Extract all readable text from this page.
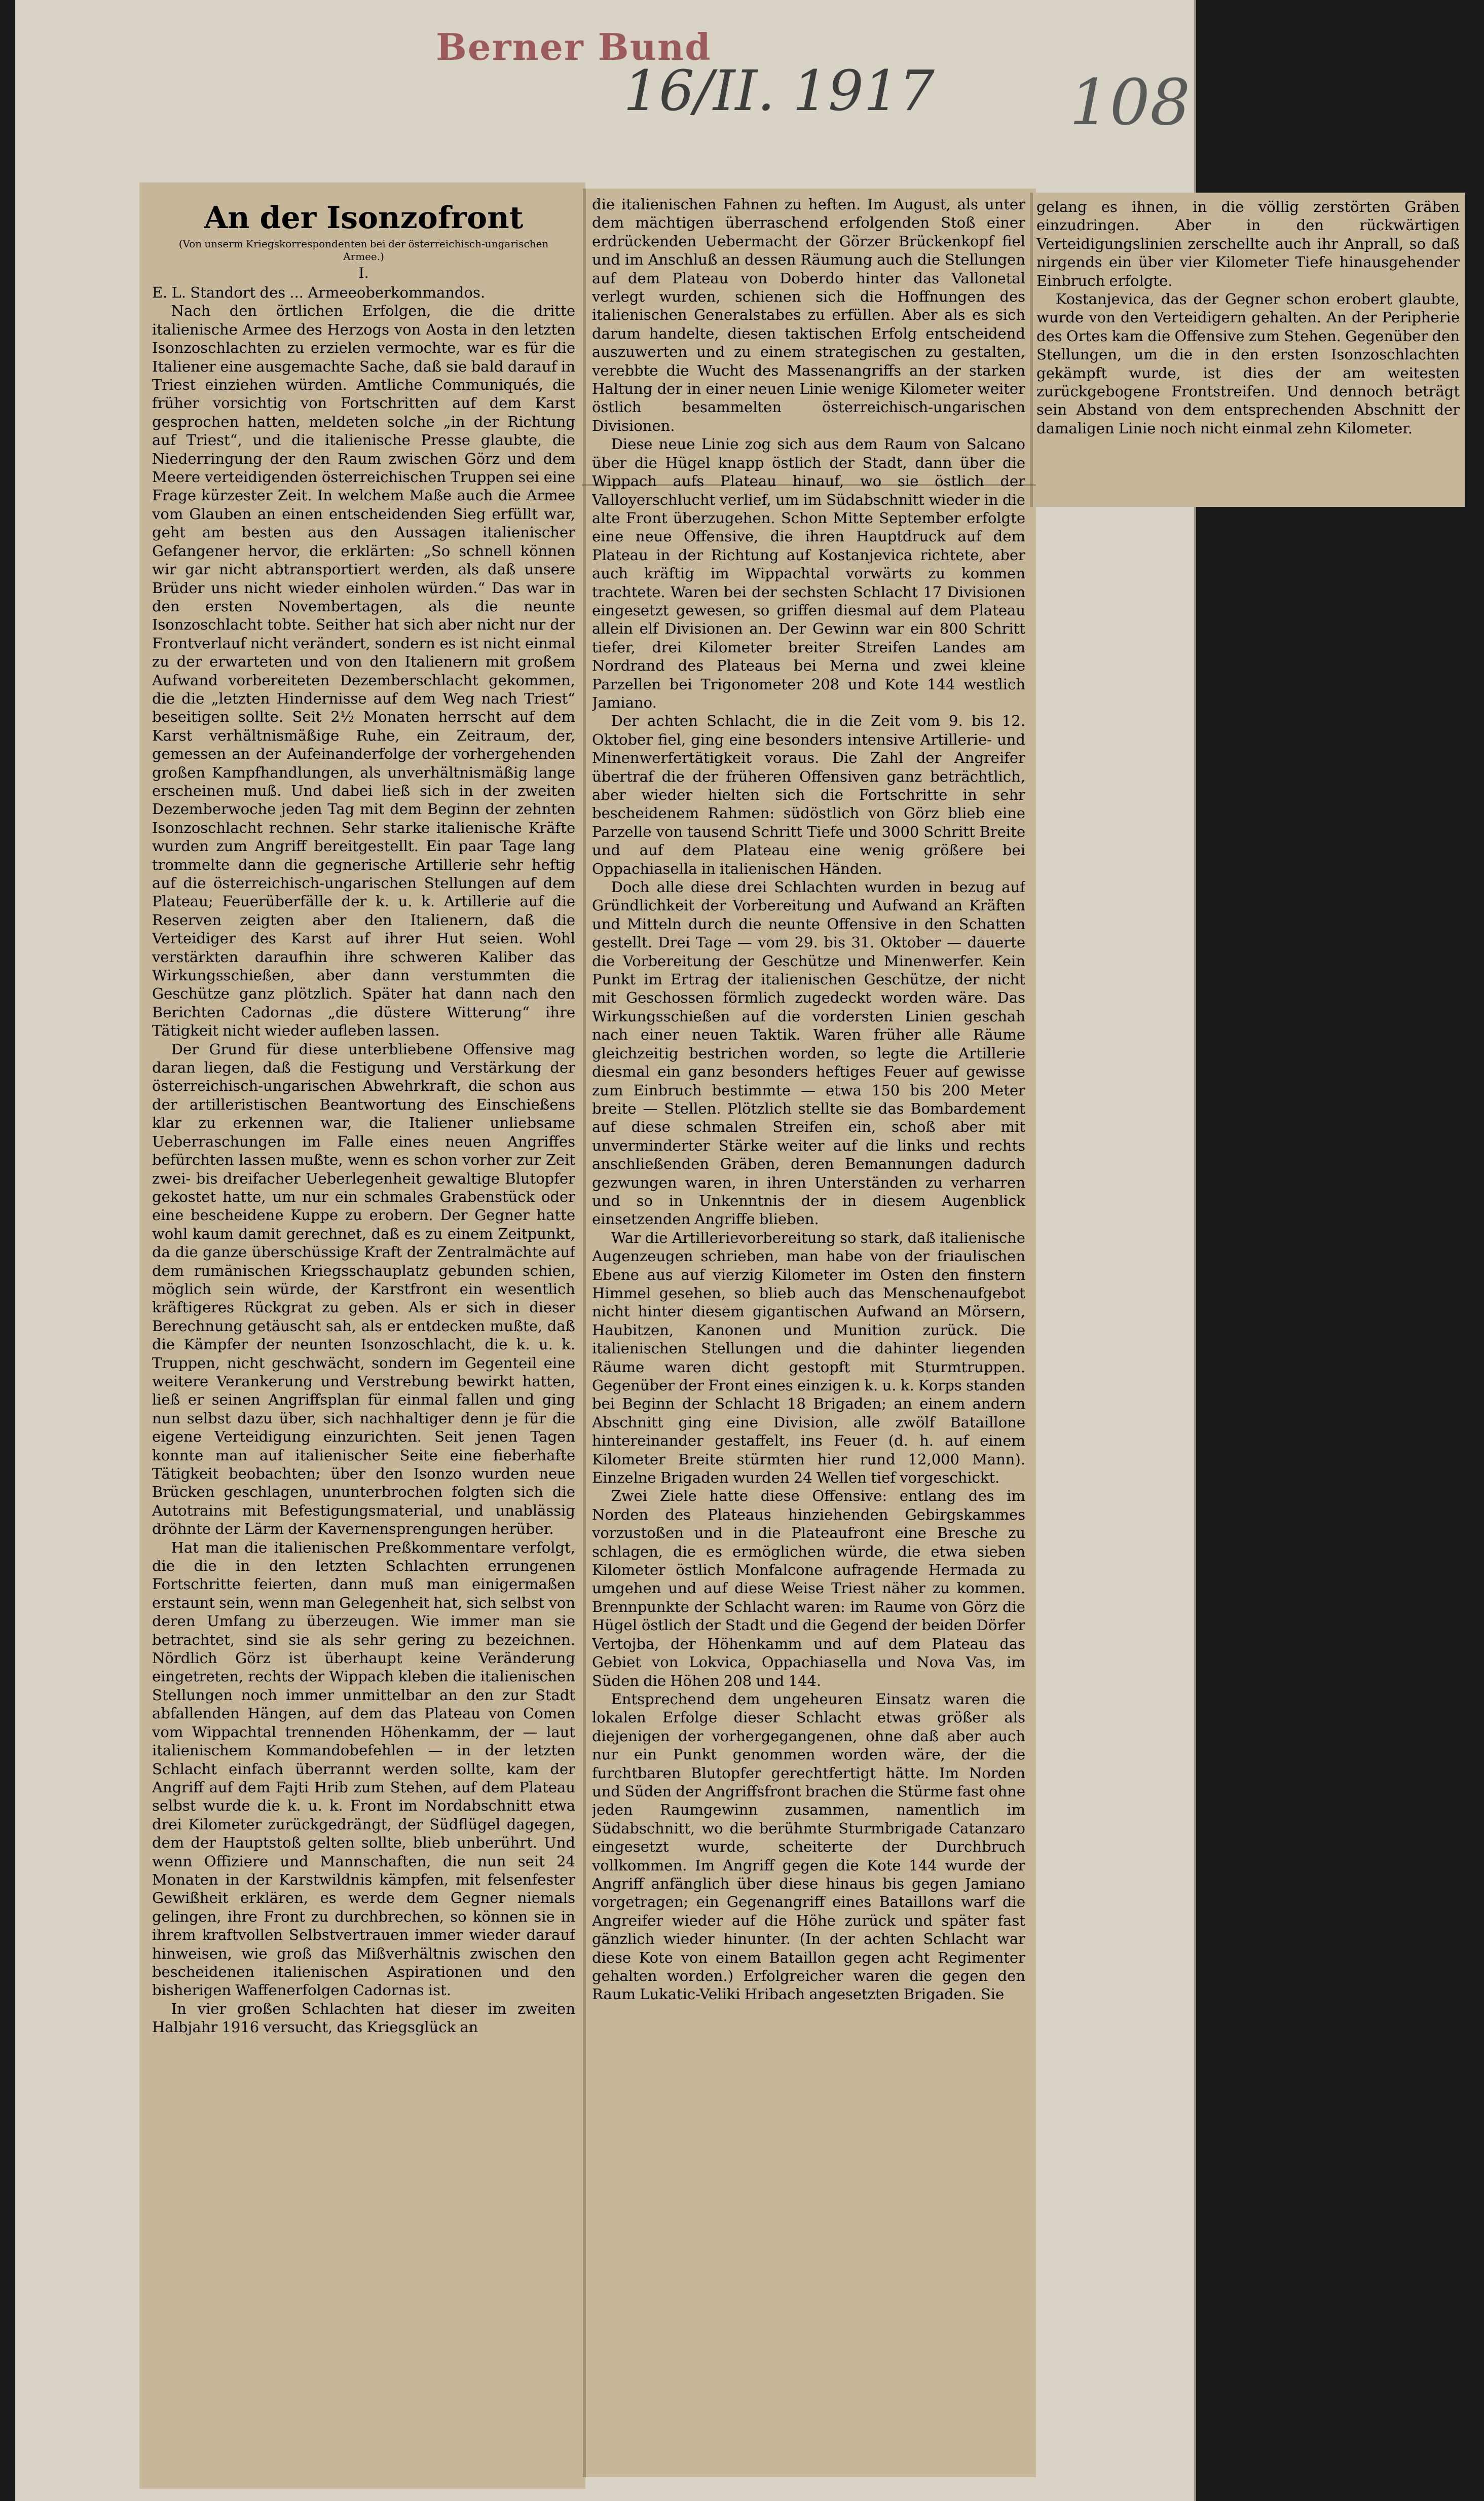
Berner Bund
16/II. 1917 108
An der Isonzofront
(Von unserm Kriegskorrespondenten bei der österreichisch-ungarischen Armee.)
I.

E. L. Standort des ... Armeeoberkommandos.

Nach den örtlichen Erfolgen, die die dritte italienische Armee des Herzogs von Aosta in den letzten Isonzoschlachten zu erzielen vermochte, war es für die Italiener eine ausgemachte Sache, daß sie bald darauf in Triest einziehen würden. Amtliche Communiqués, die früher vorsichtig von Fortschritten auf dem Karst gesprochen hatten, meldeten solche „in der Richtung auf Triest“, und die italienische Presse glaubte, die Niederringung der den Raum zwischen Görz und dem Meere verteidigenden österreichischen Truppen sei eine Frage kürzester Zeit. In welchem Maße auch die Armee vom Glauben an einen entscheidenden Sieg erfüllt war, geht am besten aus den Aussagen italienischer Gefangener hervor, die erklärten: „So schnell können wir gar nicht abtransportiert werden, als daß unsere Brüder uns nicht wieder einholen würden.“ Das war in den ersten Novembertagen, als die neunte Isonzoschlacht tobte. Seither hat sich aber nicht nur der Frontverlauf nicht verändert, sondern es ist nicht einmal zu der erwarteten und von den Italienern mit großem Aufwand vorbereiteten Dezemberschlacht gekommen, die die „letzten Hindernisse auf dem Weg nach Triest“ beseitigen sollte. Seit 2½ Monaten herrscht auf dem Karst verhältnismäßige Ruhe, ein Zeitraum, der, gemessen an der Aufeinanderfolge der vorhergehenden großen Kampfhandlungen, als unverhältnismäßig lange erscheinen muß. Und dabei ließ sich in der zweiten Dezemberwoche jeden Tag mit dem Beginn der zehnten Isonzoschlacht rechnen. Sehr starke italienische Kräfte wurden zum Angriff bereitgestellt. Ein paar Tage lang trommelte dann die gegnerische Artillerie sehr heftig auf die österreichisch-ungarischen Stellungen auf dem Plateau; Feuerüberfälle der k. u. k. Artillerie auf die Reserven zeigten aber den Italienern, daß die Verteidiger des Karst auf ihrer Hut seien. Wohl verstärkten daraufhin ihre schweren Kaliber das Wirkungsschießen, aber dann verstummten die Geschütze ganz plötzlich. Später hat dann nach den Berichten Cadornas „die düstere Witterung“ ihre Tätigkeit nicht wieder aufleben lassen.

Der Grund für diese unterbliebene Offensive mag daran liegen, daß die Festigung und Verstärkung der österreichisch-ungarischen Abwehrkraft, die schon aus der artilleristischen Beantwortung des Einschießens klar zu erkennen war, die Italiener unliebsame Ueberraschungen im Falle eines neuen Angriffes befürchten lassen mußte, wenn es schon vorher zur Zeit zwei- bis dreifacher Ueberlegenheit gewaltige Blutopfer gekostet hatte, um nur ein schmales Grabenstück oder eine bescheidene Kuppe zu erobern. Der Gegner hatte wohl kaum damit gerechnet, daß es zu einem Zeitpunkt, da die ganze überschüssige Kraft der Zentralmächte auf dem rumänischen Kriegsschauplatz gebunden schien, möglich sein würde, der Karstfront ein wesentlich kräftigeres Rückgrat zu geben. Als er sich in dieser Berechnung getäuscht sah, als er entdecken mußte, daß die Kämpfer der neunten Isonzoschlacht, die k. u. k. Truppen, nicht geschwächt, sondern im Gegenteil eine weitere Verankerung und Verstrebung bewirkt hatten, ließ er seinen Angriffsplan für einmal fallen und ging nun selbst dazu über, sich nachhaltiger denn je für die eigene Verteidigung einzurichten. Seit jenen Tagen konnte man auf italienischer Seite eine fieberhafte Tätigkeit beobachten; über den Isonzo wurden neue Brücken geschlagen, ununterbrochen folgten sich die Autotrains mit Befestigungsmaterial, und unablässig dröhnte der Lärm der Kavernensprengungen herüber.

Hat man die italienischen Preßkommentare verfolgt, die die in den letzten Schlachten errungenen Fortschritte feierten, dann muß man einigermaßen erstaunt sein, wenn man Gelegenheit hat, sich selbst von deren Umfang zu überzeugen. Wie immer man sie betrachtet, sind sie als sehr gering zu bezeichnen. Nördlich Görz ist überhaupt keine Veränderung eingetreten, rechts der Wippach kleben die italienischen Stellungen noch immer unmittelbar an den zur Stadt abfallenden Hängen, auf dem das Plateau von Comen vom Wippachtal trennenden Höhenkamm, der — laut italienischem Kommandobefehlen — in der letzten Schlacht einfach überrannt werden sollte, kam der Angriff auf dem Fajti Hrib zum Stehen, auf dem Plateau selbst wurde die k. u. k. Front im Nordabschnitt etwa drei Kilometer zurückgedrängt, der Südflügel dagegen, dem der Hauptstoß gelten sollte, blieb unberührt. Und wenn Offiziere und Mannschaften, die nun seit 24 Monaten in der Karstwildnis kämpfen, mit felsenfester Gewißheit erklären, es werde dem Gegner niemals gelingen, ihre Front zu durchbrechen, so können sie in ihrem kraftvollen Selbstvertrauen immer wieder darauf hinweisen, wie groß das Mißverhältnis zwischen den bescheidenen italienischen Aspirationen und den bisherigen Waffenerfolgen Cadornas ist.

In vier großen Schlachten hat dieser im zweiten Halbjahr 1916 versucht, das Kriegsglück an

die italienischen Fahnen zu heften. Im August, als unter dem mächtigen überraschend erfolgenden Stoß einer erdrückenden Uebermacht der Görzer Brückenkopf fiel und im Anschluß an dessen Räumung auch die Stellungen auf dem Plateau von Doberdo hinter das Vallonetal verlegt wurden, schienen sich die Hoffnungen des italienischen Generalstabes zu erfüllen. Aber als es sich darum handelte, diesen taktischen Erfolg entscheidend auszuwerten und zu einem strategischen zu gestalten, verebbte die Wucht des Massenangriffs an der starken Haltung der in einer neuen Linie wenige Kilometer weiter östlich besammelten österreichisch-ungarischen Divisionen.

Diese neue Linie zog sich aus dem Raum von Salcano über die Hügel knapp östlich der Stadt, dann über die Wippach aufs Plateau hinauf, wo sie östlich der Valloyerschlucht verlief, um im Südabschnitt wieder in die alte Front überzugehen. Schon Mitte September erfolgte eine neue Offensive, die ihren Hauptdruck auf dem Plateau in der Richtung auf Kostanjevica richtete, aber auch kräftig im Wippachtal vorwärts zu kommen trachtete. Waren bei der sechsten Schlacht 17 Divisionen eingesetzt gewesen, so griffen diesmal auf dem Plateau allein elf Divisionen an. Der Gewinn war ein 800 Schritt tiefer, drei Kilometer breiter Streifen Landes am Nordrand des Plateaus bei Merna und zwei kleine Parzellen bei Trigonometer 208 und Kote 144 westlich Jamiano.

Der achten Schlacht, die in die Zeit vom 9. bis 12. Oktober fiel, ging eine besonders intensive Artillerie- und Minenwerfertätigkeit voraus. Die Zahl der Angreifer übertraf die der früheren Offensiven ganz beträchtlich, aber wieder hielten sich die Fortschritte in sehr bescheidenem Rahmen: südöstlich von Görz blieb eine Parzelle von tausend Schritt Tiefe und 3000 Schritt Breite und auf dem Plateau eine wenig größere bei Oppachiasella in italienischen Händen.

Doch alle diese drei Schlachten wurden in bezug auf Gründlichkeit der Vorbereitung und Aufwand an Kräften und Mitteln durch die neunte Offensive in den Schatten gestellt. Drei Tage — vom 29. bis 31. Oktober — dauerte die Vorbereitung der Geschütze und Minenwerfer. Kein Punkt im Ertrag der italienischen Geschütze, der nicht mit Geschossen förmlich zugedeckt worden wäre. Das Wirkungsschießen auf die vordersten Linien geschah nach einer neuen Taktik. Waren früher alle Räume gleichzeitig bestrichen worden, so legte die Artillerie diesmal ein ganz besonders heftiges Feuer auf gewisse zum Einbruch bestimmte — etwa 150 bis 200 Meter breite — Stellen. Plötzlich stellte sie das Bombardement auf diese schmalen Streifen ein, schoß aber mit unverminderter Stärke weiter auf die links und rechts anschließenden Gräben, deren Bemannungen dadurch gezwungen waren, in ihren Unterständen zu verharren und so in Unkenntnis der in diesem Augenblick einsetzenden Angriffe blieben.

War die Artillerievorbereitung so stark, daß italienische Augenzeugen schrieben, man habe von der friaulischen Ebene aus auf vierzig Kilometer im Osten den finstern Himmel gesehen, so blieb auch das Menschenaufgebot nicht hinter diesem gigantischen Aufwand an Mörsern, Haubitzen, Kanonen und Munition zurück. Die italienischen Stellungen und die dahinter liegenden Räume waren dicht gestopft mit Sturmtruppen. Gegenüber der Front eines einzigen k. u. k. Korps standen bei Beginn der Schlacht 18 Brigaden; an einem andern Abschnitt ging eine Division, alle zwölf Bataillone hintereinander gestaffelt, ins Feuer (d. h. auf einem Kilometer Breite stürmten hier rund 12,000 Mann). Einzelne Brigaden wurden 24 Wellen tief vorgeschickt.

Zwei Ziele hatte diese Offensive: entlang des im Norden des Plateaus hinziehenden Gebirgskammes vorzustoßen und in die Plateaufront eine Bresche zu schlagen, die es ermöglichen würde, die etwa sieben Kilometer östlich Monfalcone aufragende Hermada zu umgehen und auf diese Weise Triest näher zu kommen. Brennpunkte der Schlacht waren: im Raume von Görz die Hügel östlich der Stadt und die Gegend der beiden Dörfer Vertojba, der Höhenkamm und auf dem Plateau das Gebiet von Lokvica, Oppachiasella und Nova Vas, im Süden die Höhen 208 und 144.

Entsprechend dem ungeheuren Einsatz waren die lokalen Erfolge dieser Schlacht etwas größer als diejenigen der vorhergegangenen, ohne daß aber auch nur ein Punkt genommen worden wäre, der die furchtbaren Blutopfer gerechtfertigt hätte. Im Norden und Süden der Angriffsfront brachen die Stürme fast ohne jeden Raumgewinn zusammen, namentlich im Südabschnitt, wo die berühmte Sturmbrigade Catanzaro eingesetzt wurde, scheiterte der Durchbruch vollkommen. Im Angriff gegen die Kote 144 wurde der Angriff anfänglich über diese hinaus bis gegen Jamiano vorgetragen; ein Gegenangriff eines Bataillons warf die Angreifer wieder auf die Höhe zurück und später fast gänzlich wieder hinunter. (In der achten Schlacht war diese Kote von einem Bataillon gegen acht Regimenter gehalten worden.) Erfolgreicher waren die gegen den Raum Lukatic-Veliki Hribach angesetzten Brigaden. Sie

gelang es ihnen, in die völlig zerstörten Gräben einzudringen. Aber in den rückwärtigen Verteidigungslinien zerschellte auch ihr Anprall, so daß nirgends ein über vier Kilometer Tiefe hinausgehender Einbruch erfolgte.

Kostanjevica, das der Gegner schon erobert glaubte, wurde von den Verteidigern gehalten. An der Peripherie des Ortes kam die Offensive zum Stehen. Gegenüber den Stellungen, um die in den ersten Isonzoschlachten gekämpft wurde, ist dies der am weitesten zurückgebogene Frontstreifen. Und dennoch beträgt sein Abstand von dem entsprechenden Abschnitt der damaligen Linie noch nicht einmal zehn Kilometer.
